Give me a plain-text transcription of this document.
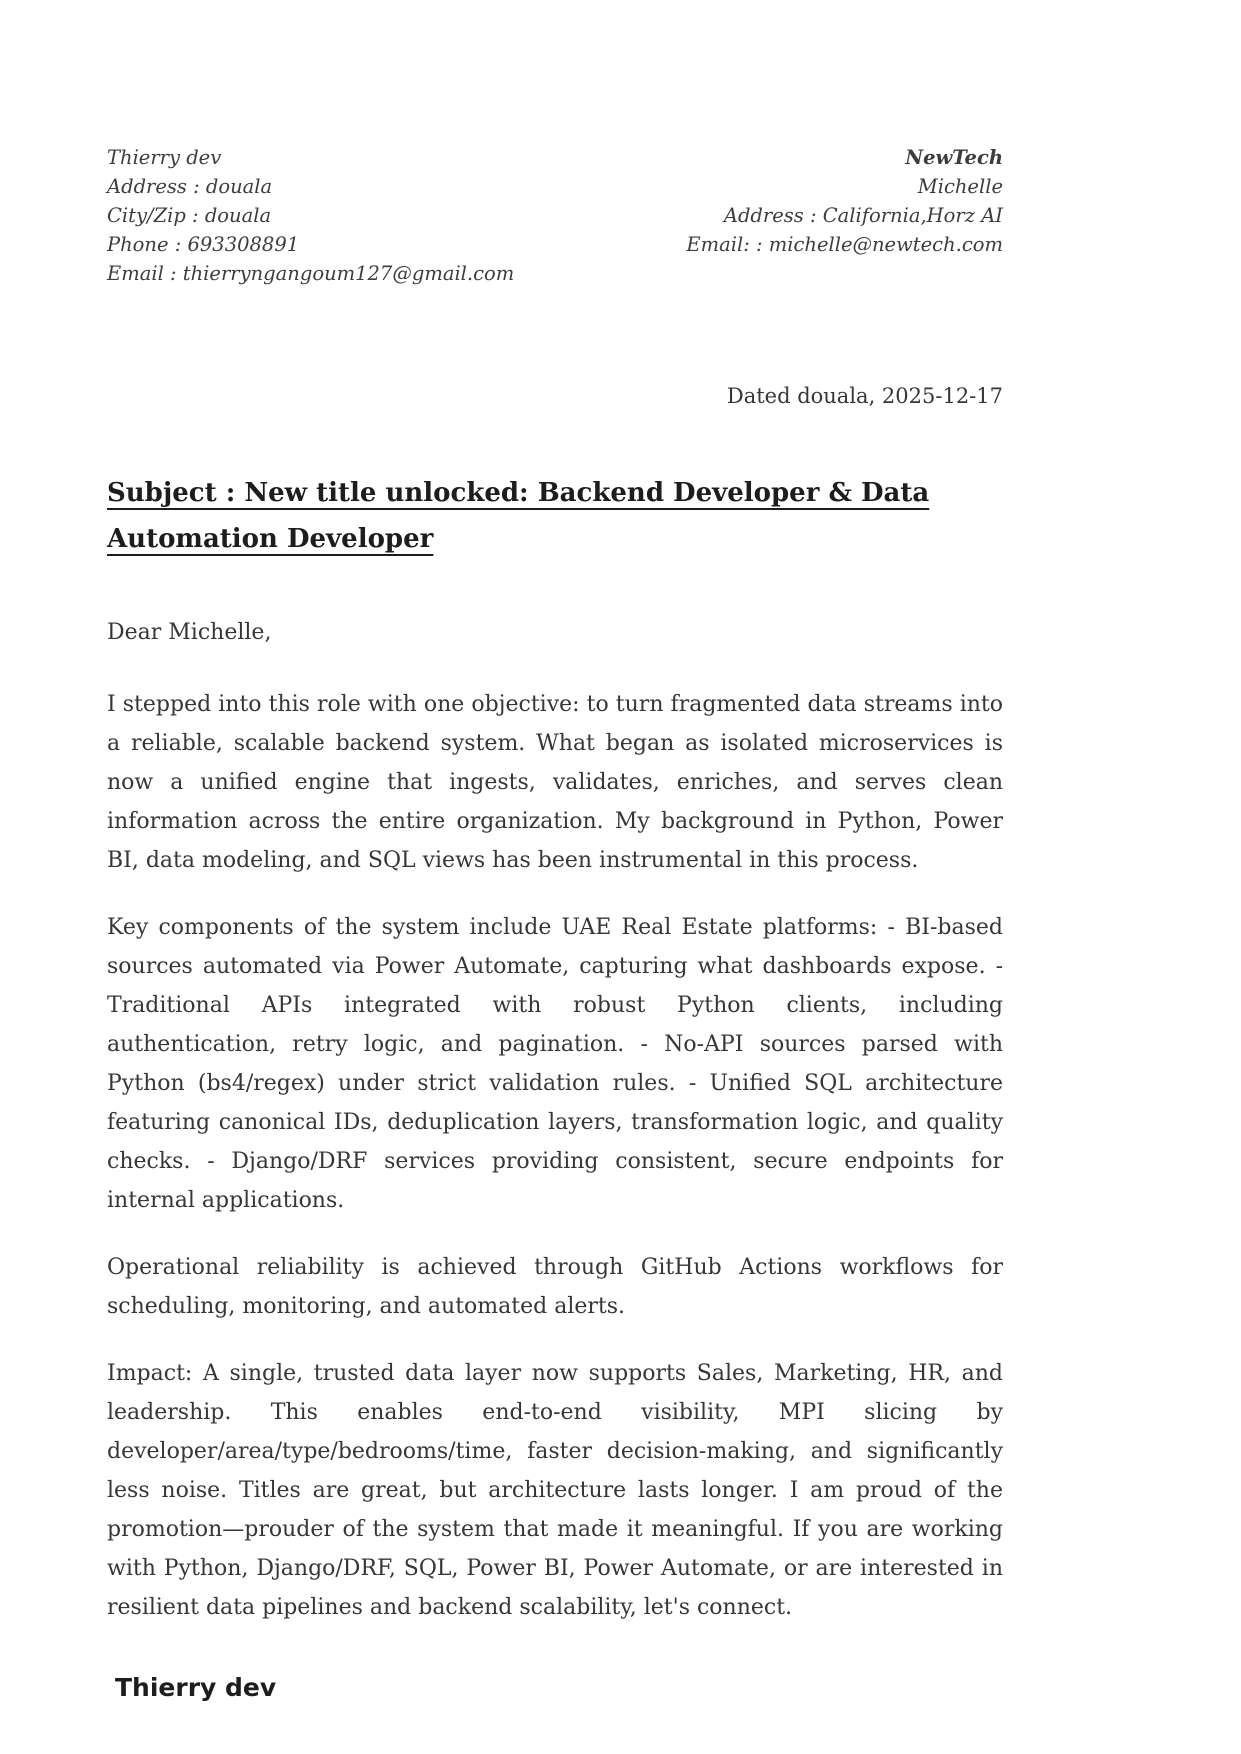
Thierry dev
Address : douala
City/Zip : douala
Phone : 693308891
Email : thierryngangoum127@gmail.com
NewTech
Michelle
Address : California,Horz AI
Email: : michelle@newtech.com
Dated douala, 2025-12-17
Subject : New title unlocked: Backend Developer & Data Automation Developer
Dear Michelle,

I stepped into this role with one objective: to turn fragmented data streams into a reliable, scalable backend system. What began as isolated microservices is now a unified engine that ingests, validates, enriches, and serves clean information across the entire organization. My background in Python, Power BI, data modeling, and SQL views has been instrumental in this process.

Key components of the system include UAE Real Estate platforms: - BI-based sources automated via Power Automate, capturing what dashboards expose. - Traditional APIs integrated with robust Python clients, including authentication, retry logic, and pagination. - No-API sources parsed with Python (bs4/regex) under strict validation rules. - Unified SQL architecture featuring canonical IDs, deduplication layers, transformation logic, and quality checks. - Django/DRF services providing consistent, secure endpoints for internal applications.

Operational reliability is achieved through GitHub Actions workflows for scheduling, monitoring, and automated alerts.

Impact: A single, trusted data layer now supports Sales, Marketing, HR, and leadership. This enables end-to-end visibility, MPI slicing by developer/area/type/bedrooms/time, faster decision-making, and significantly less noise. Titles are great, but architecture lasts longer. I am proud of the promotion—prouder of the system that made it meaningful. If you are working with Python, Django/DRF, SQL, Power BI, Power Automate, or are interested in resilient data pipelines and backend scalability, let's connect.

Thierry dev
